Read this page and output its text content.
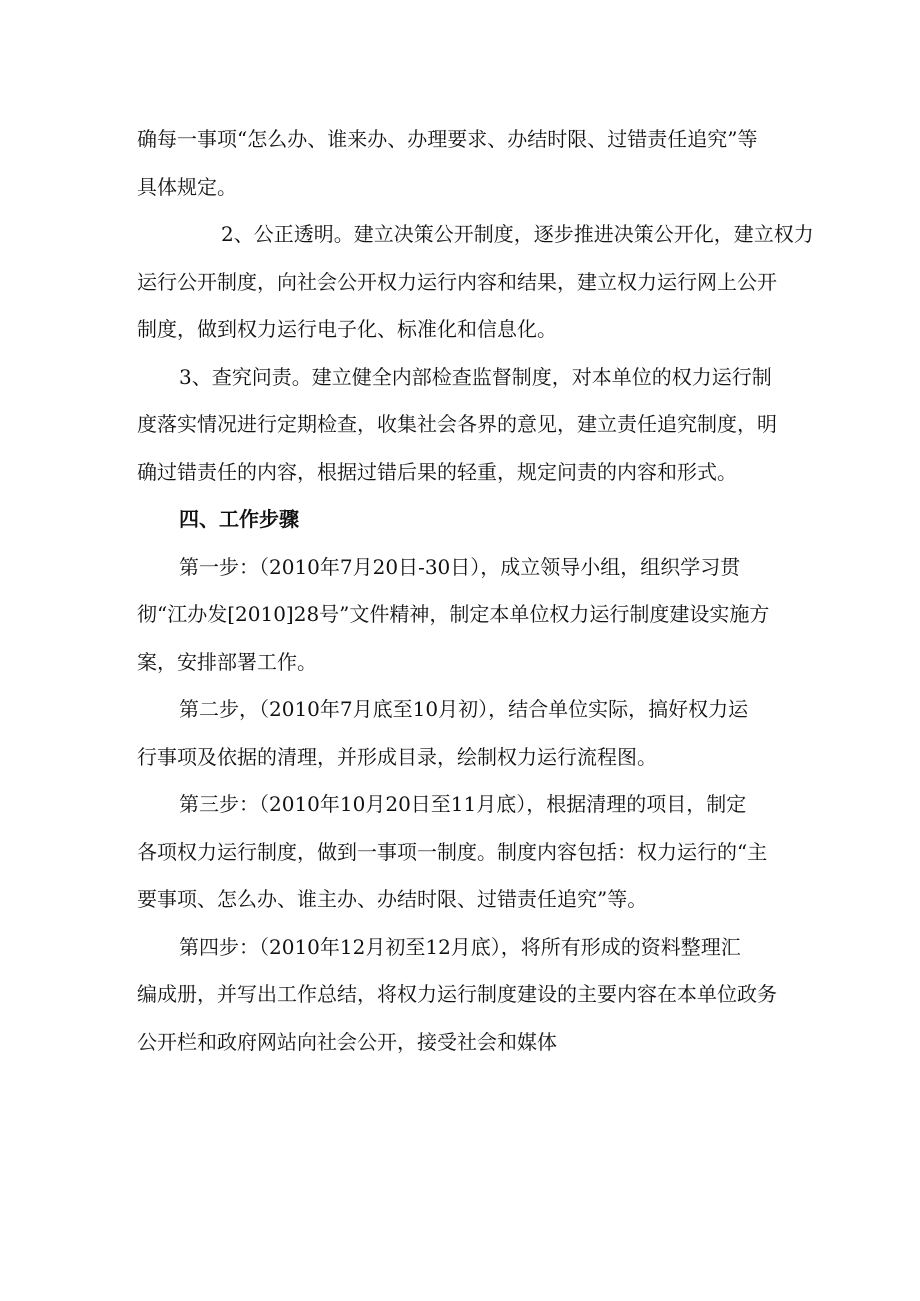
确每一事项“怎么办、谁来办、办理要求、办结时限、过错责任追究”等
具体规定。
2、公正透明。建立决策公开制度，逐步推进决策公开化，建立权力
运行公开制度，向社会公开权力运行内容和结果，建立权力运行网上公开
制度，做到权力运行电子化、标准化和信息化。
3、查究问责。建立健全内部检查监督制度，对本单位的权力运行制
度落实情况进行定期检查，收集社会各界的意见，建立责任追究制度，明
确过错责任的内容，根据过错后果的轻重，规定问责的内容和形式。
四、工作步骤
第一步：（2010年7月20日-30日），成立领导小组，组织学习贯
彻“江办发[2010]28号”文件精神，制定本单位权力运行制度建设实施方
案，安排部署工作。
第二步，（2010年7月底至10月初），结合单位实际，搞好权力运
行事项及依据的清理，并形成目录，绘制权力运行流程图。
第三步：（2010年10月20日至11月底），根据清理的项目，制定
各项权力运行制度，做到一事项一制度。制度内容包括：权力运行的“主
要事项、怎么办、谁主办、办结时限、过错责任追究”等。
第四步：（2010年12月初至12月底），将所有形成的资料整理汇
编成册，并写出工作总结，将权力运行制度建设的主要内容在本单位政务
公开栏和政府网站向社会公开，接受社会和媒体
